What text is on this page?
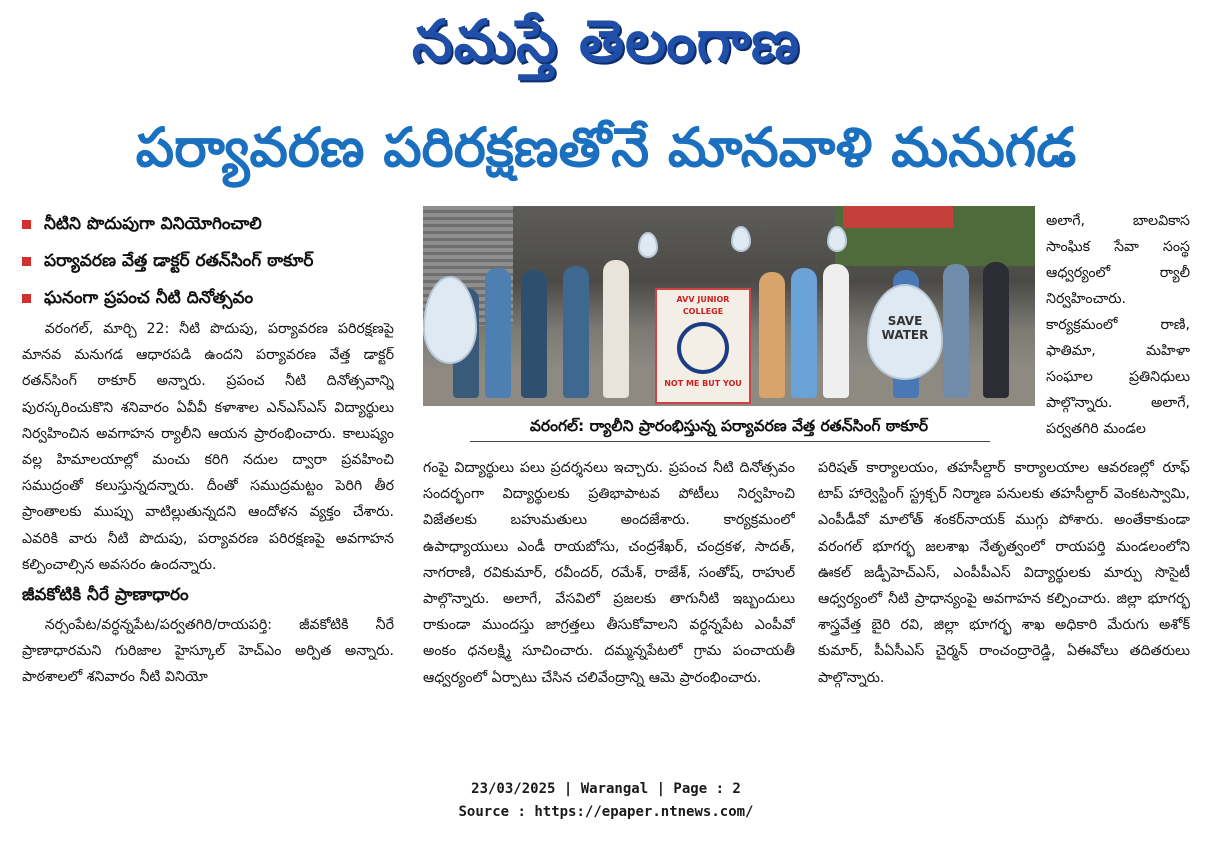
నమస్తే తెలంగాణ
పర్యావరణ పరిరక్షణతోనే మానవాళి మనుగడ
నీటిని పొదుపుగా వినియోగించాలి
పర్యావరణ వేత్త డాక్టర్ రతన్‌సింగ్ ఠాకూర్
ఘనంగా ప్రపంచ నీటి దినోత్సవం

వరంగల్, మార్చి 22: నీటి పొదుపు, పర్యావరణ పరిరక్షణపై మానవ మనుగడ ఆధారపడి ఉందని పర్యావరణ వేత్త డాక్టర్ రతన్‌సింగ్ ఠాకూర్ అన్నారు. ప్రపంచ నీటి దినోత్సవాన్ని పురస్కరించుకొని శనివారం ఏవీవీ కళాశాల ఎన్ఎస్ఎస్ విద్యార్థులు నిర్వహించిన అవగాహన ర్యాలీని ఆయన ప్రారంభించారు. కాలుష్యం వల్ల హిమాలయాల్లో మంచు కరిగి నదుల ద్వారా ప్రవహించి సముద్రంతో కలుస్తున్నదన్నారు. దీంతో సముద్రమట్టం పెరిగి తీర ప్రాంతాలకు ముప్పు వాటిల్లుతున్నదని ఆందోళన వ్యక్తం చేశారు. ఎవరికి వారు నీటి పొదుపు, పర్యావరణ పరిరక్షణపై అవగాహన కల్పించాల్సిన అవసరం ఉందన్నారు.

జీవకోటికి నీరే ప్రాణాధారం

నర్సంపేట/వర్ధన్నపేట/పర్వతగిరి/రాయపర్తి: జీవకోటికి నీరే ప్రాణాధారమని గురిజాల హైస్కూల్ హెచ్ఎం అర్పిత అన్నారు. పాఠశాలలో శనివారం నీటి వినియో

SAVE WATER
AVV JUNIOR COLLEGE
NOT ME BUT YOU
వరంగల్: ర్యాలీని ప్రారంభిస్తున్న పర్యావరణ వేత్త రతన్‌సింగ్ ఠాకూర్

గంపై విద్యార్థులు పలు ప్రదర్శనలు ఇచ్చారు. ప్రపంచ నీటి దినోత్సవం సందర్భంగా విద్యార్థులకు ప్రతిభాపాటవ పోటీలు నిర్వహించి విజేతలకు బహుమతులు అందజేశారు. కార్యక్రమంలో ఉపాధ్యాయులు ఎండీ రాయబోసు, చంద్రశేఖర్, చంద్రకళ, సాదత్, నాగరాణి, రవికుమార్, రవీందర్, రమేశ్, రాజేశ్, సంతోష్, రాహుల్ పాల్గొన్నారు. అలాగే, వేసవిలో ప్రజలకు తాగునీటి ఇబ్బందులు రాకుండా ముందస్తు జాగ్రత్తలు తీసుకోవాలని వర్ధన్నపేట ఎంపీవో అంకం ధనలక్ష్మి సూచించారు. దమ్మన్నపేటలో గ్రామ పంచాయతీ ఆధ్వర్యంలో ఏర్పాటు చేసిన చలివేంద్రాన్ని ఆమె ప్రారంభించారు.

పరిషత్ కార్యాలయం, తహసీల్దార్ కార్యాలయాల ఆవరణల్లో రూఫ్ టాప్ హార్వెస్టింగ్ స్ట్రక్చర్ నిర్మాణ పనులకు తహసీల్దార్ వెంకటస్వామి, ఎంపీడీవో మాలోత్ శంకర్‌నాయక్ ముగ్గు పోశారు. అంతేకాకుండా వరంగల్ భూగర్భ జలశాఖ నేతృత్వంలో రాయపర్తి మండలంలోని ఊకల్ జడ్పీహెచ్ఎస్, ఎంపీపీఎస్ విద్యార్థులకు మార్పు సొసైటీ ఆధ్వర్యంలో నీటి ప్రాధాన్యంపై అవగాహన కల్పించారు. జిల్లా భూగర్భ శాస్త్రవేత్త బైరి రవి, జిల్లా భూగర్భ శాఖ అధికారి మేరుగు అశోక్ కుమార్, పీఏసీఎస్ చైర్మన్ రాంచంద్రారెడ్డి, ఏఈవోలు తదితరులు పాల్గొన్నారు.

అలాగే, బాలవికాస సాంఘిక సేవా సంస్థ ఆధ్వర్యంలో ర్యాలీ నిర్వహించారు. కార్యక్రమంలో రాణి, ఫాతిమా, మహిళా సంఘాల ప్రతినిధులు పాల్గొన్నారు. అలాగే, పర్వతగిరి మండల

23/03/2025 | Warangal | Page : 2
Source : https://epaper.ntnews.com/
